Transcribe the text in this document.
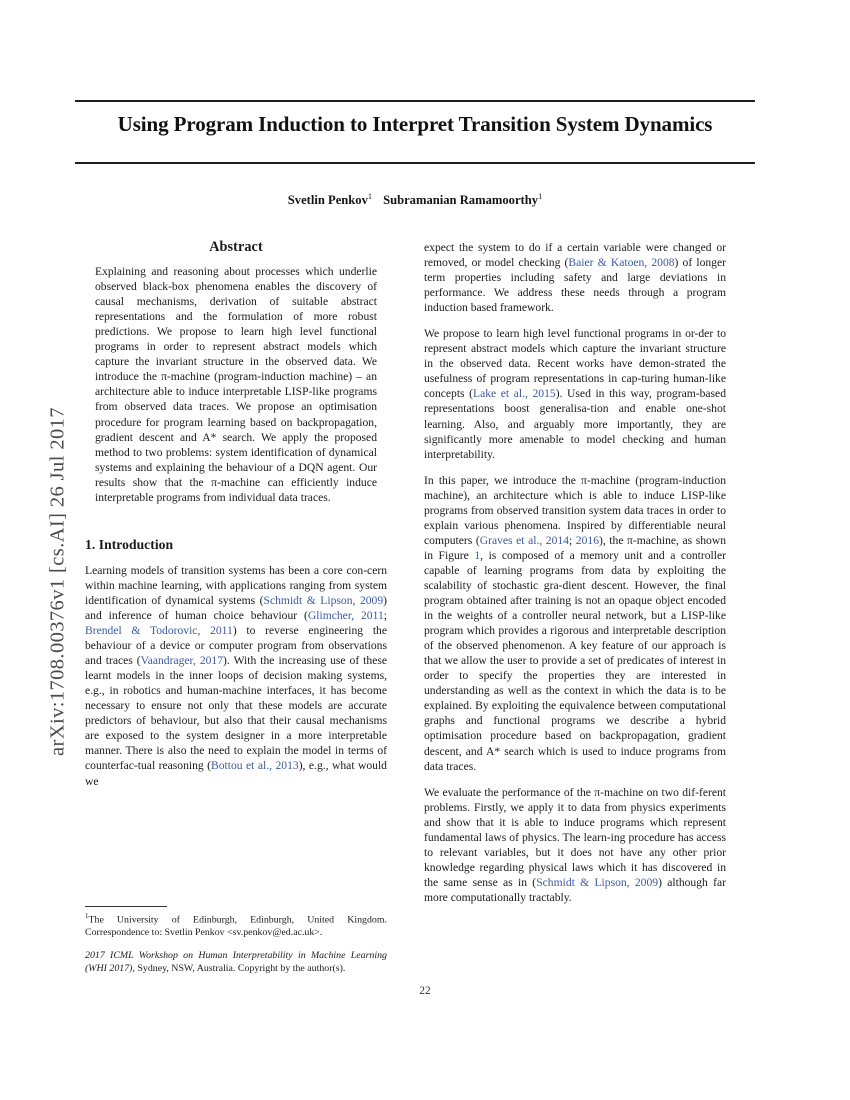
arXiv:1708.00376v1 [cs.AI] 26 Jul 2017
Using Program Induction to Interpret Transition System Dynamics
Svetlin Penkov$^1$ Subramanian Ramamoorthy$^1$
Abstract

Explaining and reasoning about processes which underlie observed black-box phenomena enables the discovery of causal mechanisms, derivation of suitable abstract representations and the formulation of more robust predictions. We propose to learn high level functional programs in order to represent abstract models which capture the invariant structure in the observed data. We introduce the π-machine (program-induction machine) – an architecture able to induce interpretable LISP-like programs from observed data traces. We propose an optimisation procedure for program learning based on backpropagation, gradient descent and A* search. We apply the proposed method to two problems: system identification of dynamical systems and explaining the behaviour of a DQN agent. Our results show that the π-machine can efficiently induce interpretable programs from individual data traces.

1. Introduction

Learning models of transition systems has been a core con-cern within machine learning, with applications ranging from system identification of dynamical systems (Schmidt & Lipson, 2009) and inference of human choice behaviour (Glimcher, 2011; Brendel & Todorovic, 2011) to reverse engineering the behaviour of a device or computer program from observations and traces (Vaandrager, 2017). With the increasing use of these learnt models in the inner loops of decision making systems, e.g., in robotics and human-machine interfaces, it has become necessary to ensure not only that these models are accurate predictors of behaviour, but also that their causal mechanisms are exposed to the system designer in a more interpretable manner. There is also the need to explain the model in terms of counterfac-tual reasoning (Bottou et al., 2013), e.g., what would we

expect the system to do if a certain variable were changed or removed, or model checking (Baier & Katoen, 2008) of longer term properties including safety and large deviations in performance. We address these needs through a program induction based framework.

We propose to learn high level functional programs in or-der to represent abstract models which capture the invariant structure in the observed data. Recent works have demon-strated the usefulness of program representations in cap-turing human-like concepts (Lake et al., 2015). Used in this way, program-based representations boost generalisa-tion and enable one-shot learning. Also, and arguably more importantly, they are significantly more amenable to model checking and human interpretability.

In this paper, we introduce the π-machine (program-induction machine), an architecture which is able to induce LISP-like programs from observed transition system data traces in order to explain various phenomena. Inspired by differentiable neural computers (Graves et al., 2014; 2016), the π-machine, as shown in Figure 1, is composed of a memory unit and a controller capable of learning programs from data by exploiting the scalability of stochastic gra-dient descent. However, the final program obtained after training is not an opaque object encoded in the weights of a controller neural network, but a LISP-like program which provides a rigorous and interpretable description of the observed phenomenon. A key feature of our approach is that we allow the user to provide a set of predicates of interest in order to specify the properties they are interested in understanding as well as the context in which the data is to be explained. By exploiting the equivalence between computational graphs and functional programs we describe a hybrid optimisation procedure based on backpropagation, gradient descent, and A* search which is used to induce programs from data traces.

We evaluate the performance of the π-machine on two dif-ferent problems. Firstly, we apply it to data from physics experiments and show that it is able to induce programs which represent fundamental laws of physics. The learn-ing procedure has access to relevant variables, but it does not have any other prior knowledge regarding physical laws which it has discovered in the same sense as in (Schmidt & Lipson, 2009) although far more computationally tractably.

$^1$The University of Edinburgh, Edinburgh, United Kingdom. Correspondence to: Svetlin Penkov <sv.penkov@ed.ac.uk>.

2017 ICML Workshop on Human Interpretability in Machine Learning (WHI 2017), Sydney, NSW, Australia. Copyright by the author(s).

22
